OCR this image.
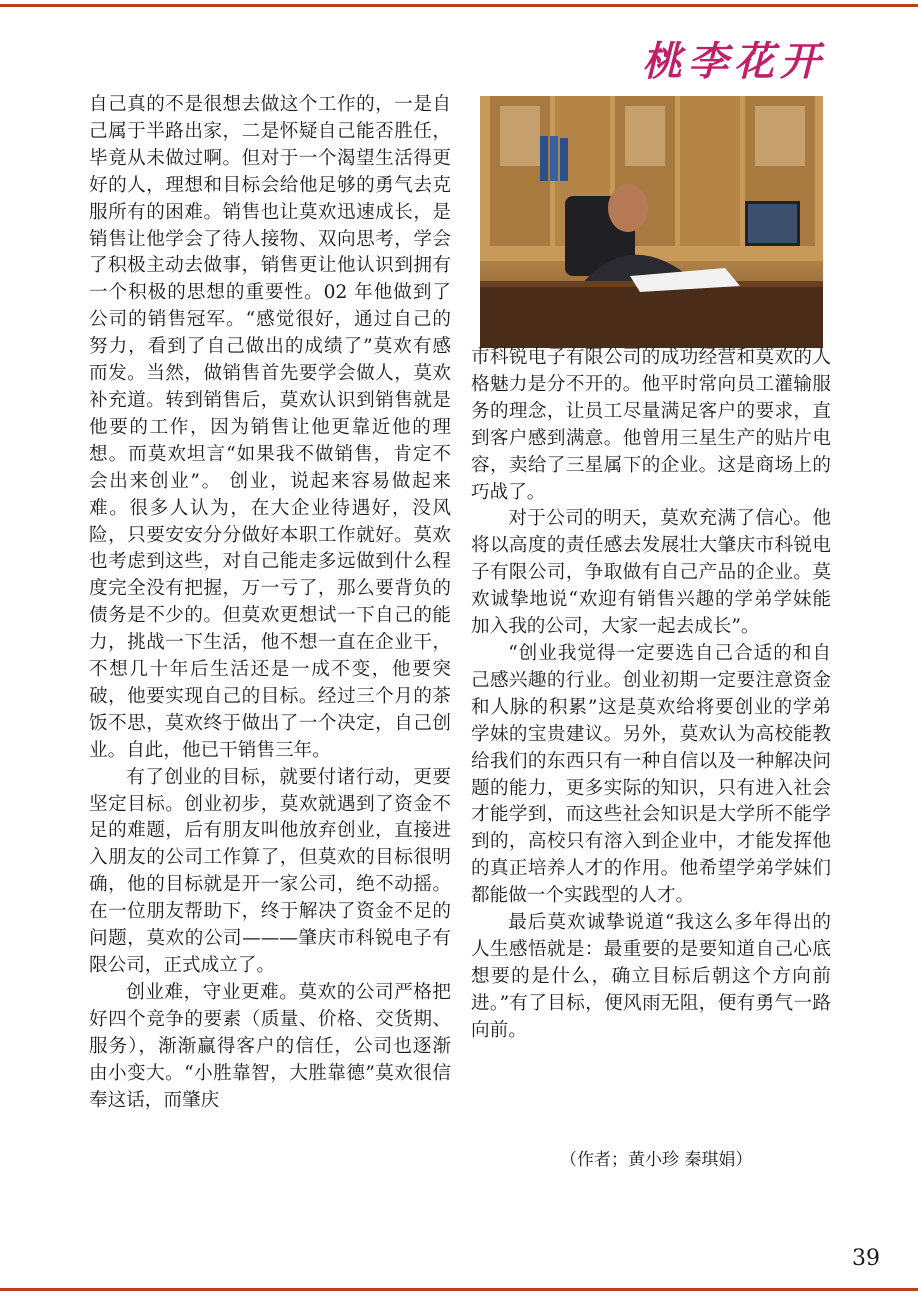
桃李花开

自己真的不是很想去做这个工作的，一是自己属于半路出家，二是怀疑自己能否胜任，毕竟从未做过啊。但对于一个渴望生活得更好的人，理想和目标会给他足够的勇气去克服所有的困难。销售也让莫欢迅速成长，是销售让他学会了待人接物、双向思考，学会了积极主动去做事，销售更让他认识到拥有一个积极的思想的重要性。02 年他做到了公司的销售冠军。“感觉很好，通过自己的努力，看到了自己做出的成绩了”莫欢有感而发。当然，做销售首先要学会做人，莫欢补充道。转到销售后，莫欢认识到销售就是他要的工作，因为销售让他更靠近他的理想。而莫欢坦言“如果我不做销售，肯定不会出来创业”。 创业，说起来容易做起来难。很多人认为，在大企业待遇好，没风险，只要安安分分做好本职工作就好。莫欢也考虑到这些，对自己能走多远做到什么程度完全没有把握，万一亏了，那么要背负的债务是不少的。但莫欢更想试一下自己的能力，挑战一下生活，他不想一直在企业干，不想几十年后生活还是一成不变，他要突破，他要实现自己的目标。经过三个月的茶饭不思，莫欢终于做出了一个决定，自己创业。自此，他已干销售三年。

有了创业的目标，就要付诸行动，更要坚定目标。创业初步，莫欢就遇到了资金不足的难题，后有朋友叫他放弃创业，直接进入朋友的公司工作算了，但莫欢的目标很明确，他的目标就是开一家公司，绝不动摇。在一位朋友帮助下，终于解决了资金不足的问题，莫欢的公司———肇庆市科锐电子有限公司，正式成立了。

创业难，守业更难。莫欢的公司严格把好四个竞争的要素（质量、价格、交货期、服务），渐渐赢得客户的信任，公司也逐渐由小变大。“小胜靠智，大胜靠德”莫欢很信奉这话，而肇庆

市科锐电子有限公司的成功经营和莫欢的人格魅力是分不开的。他平时常向员工灌输服务的理念，让员工尽量满足客户的要求，直到客户感到满意。他曾用三星生产的贴片电容，卖给了三星属下的企业。这是商场上的巧战了。

对于公司的明天，莫欢充满了信心。他将以高度的责任感去发展壮大肇庆市科锐电子有限公司，争取做有自己产品的企业。莫欢诚挚地说“欢迎有销售兴趣的学弟学妹能加入我的公司，大家一起去成长”。

“创业我觉得一定要选自己合适的和自己感兴趣的行业。创业初期一定要注意资金和人脉的积累”这是莫欢给将要创业的学弟学妹的宝贵建议。另外，莫欢认为高校能教给我们的东西只有一种自信以及一种解决问题的能力，更多实际的知识，只有进入社会才能学到，而这些社会知识是大学所不能学到的，高校只有溶入到企业中，才能发挥他的真正培养人才的作用。他希望学弟学妹们都能做一个实践型的人才。

最后莫欢诚挚说道“我这么多年得出的人生感悟就是：最重要的是要知道自己心底想要的是什么，确立目标后朝这个方向前进。”有了目标，便风雨无阻，便有勇气一路向前。

（作者；黄小珍 秦琪娟）
39
